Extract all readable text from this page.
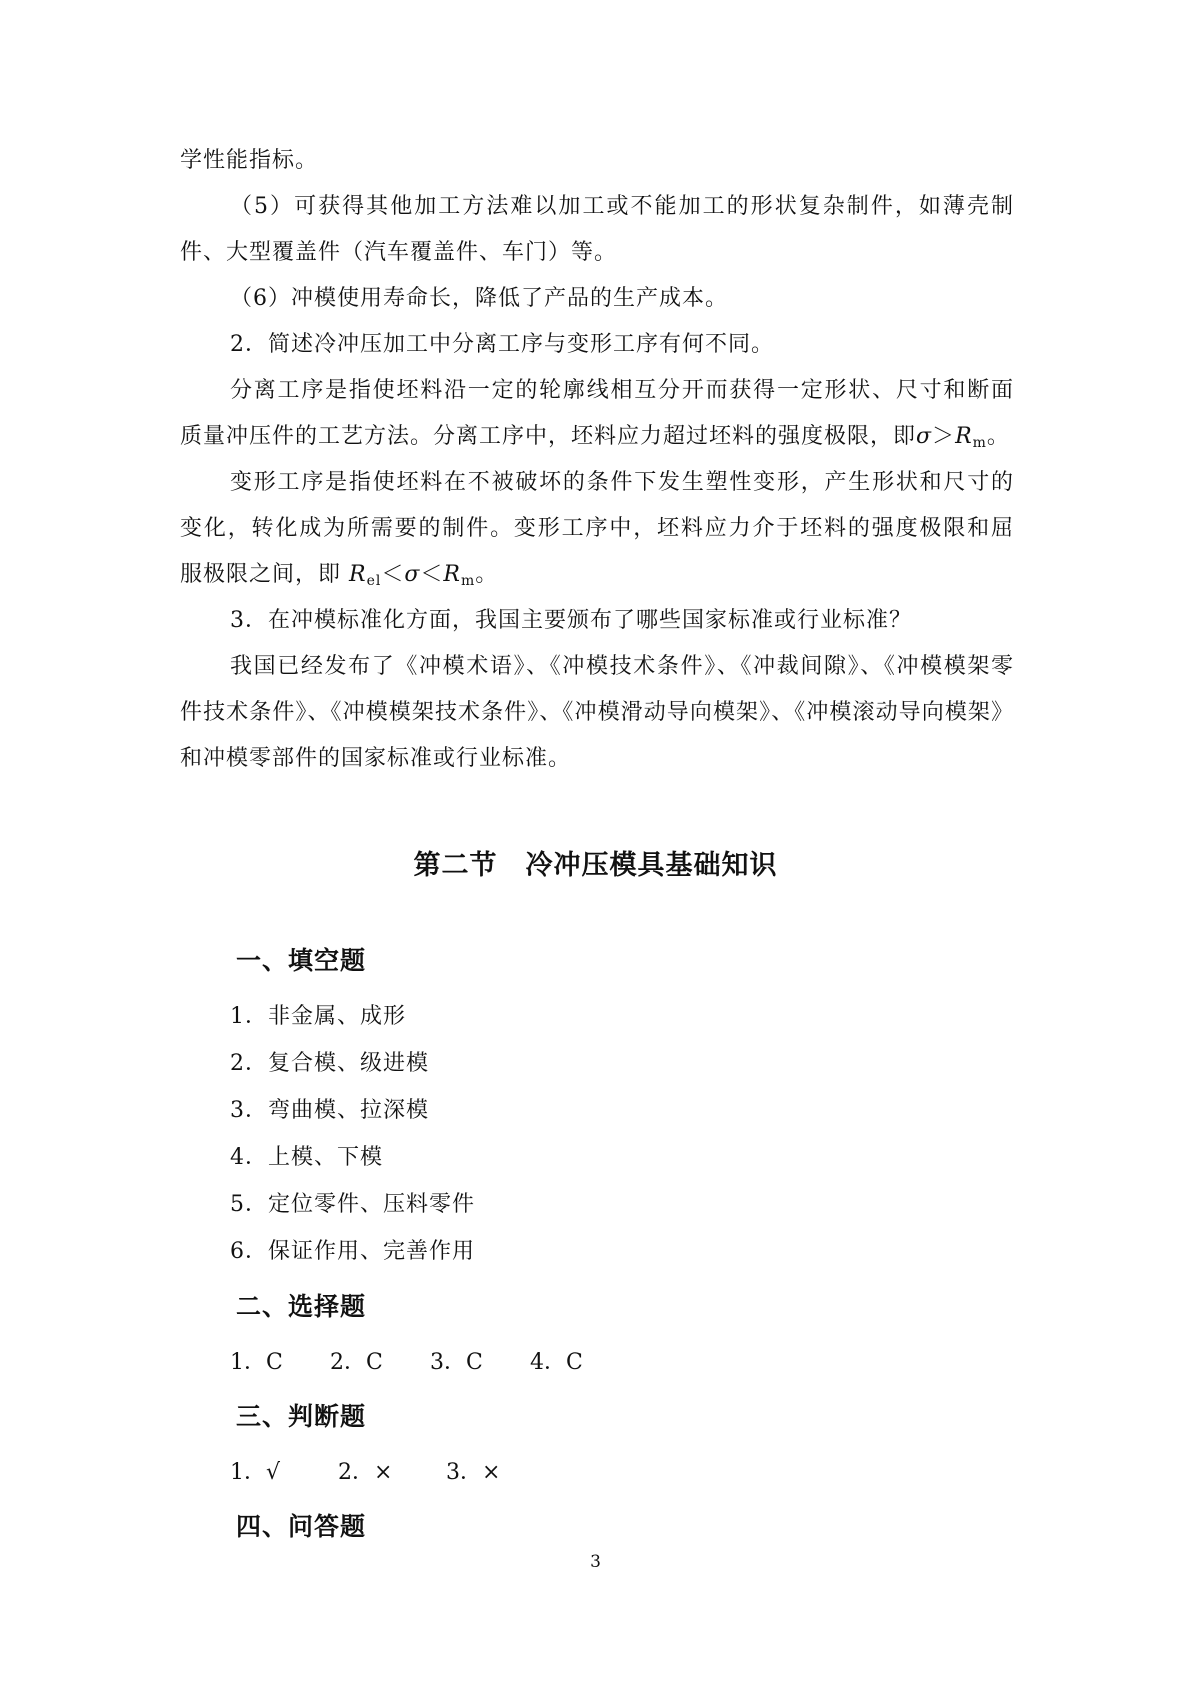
学性能指标。
（5）可获得其他加工方法难以加工或不能加工的形状复杂制件，如薄壳制
件、大型覆盖件（汽车覆盖件、车门）等。
（6）冲模使用寿命长，降低了产品的生产成本。
2．简述冷冲压加工中分离工序与变形工序有何不同。
分离工序是指使坯料沿一定的轮廓线相互分开而获得一定形状、尺寸和断面
质量冲压件的工艺方法。分离工序中，坯料应力超过坯料的强度极限，即$\sigma>R_m$。
变形工序是指使坯料在不被破坏的条件下发生塑性变形，产生形状和尺寸的
变化，转化成为所需要的制件。变形工序中，坯料应力介于坯料的强度极限和屈
服极限之间，即 $R_{el}<\sigma<R_m$。
3．在冲模标准化方面，我国主要颁布了哪些国家标准或行业标准？
我国已经发布了《冲模术语》、《冲模技术条件》、《冲裁间隙》、《冲模模架零
件技术条件》、《冲模模架技术条件》、《冲模滑动导向模架》、《冲模滚动导向模架》
和冲模零部件的国家标准或行业标准。
第二节　冷冲压模具基础知识
一、填空题
1．非金属、成形
2．复合模、级进模
3．弯曲模、拉深模
4．上模、下模
5．定位零件、压料零件
6．保证作用、完善作用
二、选择题
1．C 2．C 3．C 4．C
三、判断题
1．√	2．× 3．×
四、问答题
3
